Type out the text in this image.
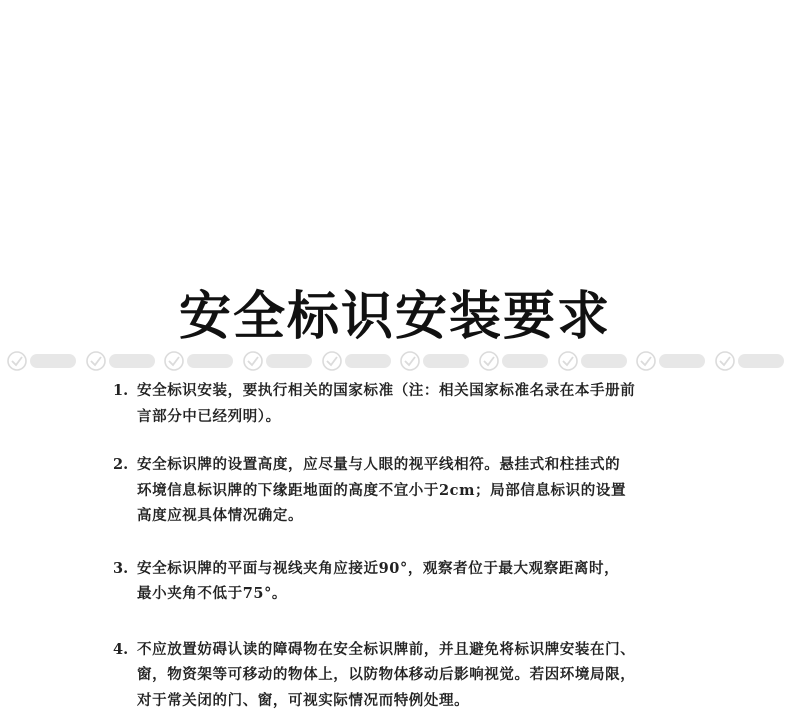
安全标识安装要求
1. 安全标识安装，要执行相关的国家标准（注：相关国家标准名录在本手册前
言部分中已经列明）。
2. 安全标识牌的设置高度，应尽量与人眼的视平线相符。悬挂式和柱挂式的
环境信息标识牌的下缘距地面的高度不宜小于2cm；局部信息标识的设置
高度应视具体情况确定。
3. 安全标识牌的平面与视线夹角应接近90°，观察者位于最大观察距离时，
最小夹角不低于75°。
4. 不应放置妨碍认读的障碍物在安全标识牌前，并且避免将标识牌安装在门、
窗，物资架等可移动的物体上，以防物体移动后影响视觉。若因环境局限，
对于常关闭的门、窗，可视实际情况而特例处理。
